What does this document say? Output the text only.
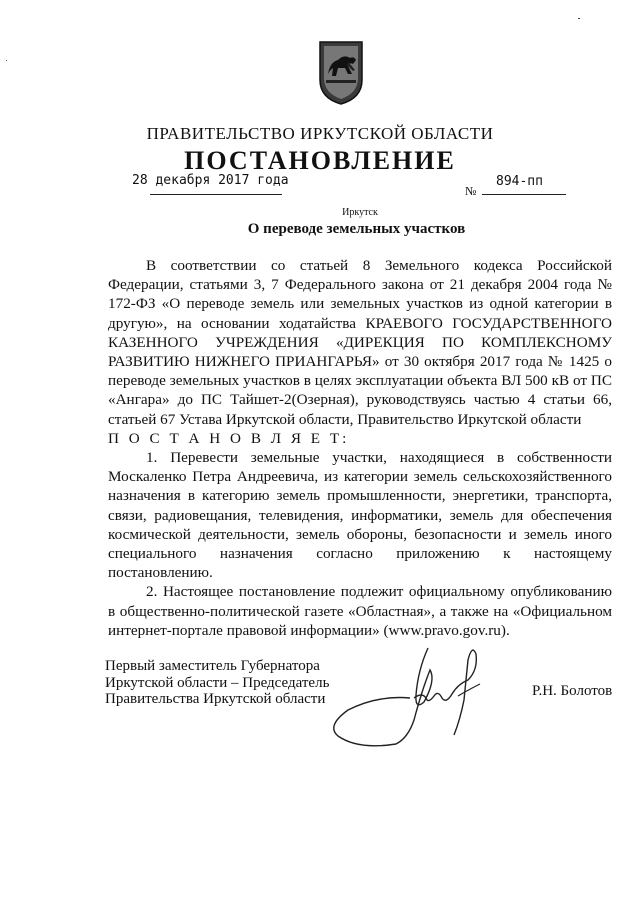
ПРАВИТЕЛЬСТВО ИРКУТСКОЙ ОБЛАСТИ
ПОСТАНОВЛЕНИЕ
28 декабря 2017 года
№
894-пп
Иркутск
О переводе земельных участков

В соответствии со статьей 8 Земельного кодекса Российской Федерации, статьями 3, 7 Федерального закона от 21 декабря 2004 года № 172-ФЗ «О переводе земель или земельных участков из одной категории в другую», на основании ходатайства КРАЕВОГО ГОСУДАРСТВЕННОГО КАЗЕННОГО УЧРЕЖДЕНИЯ «ДИРЕКЦИЯ ПО КОМПЛЕКСНОМУ РАЗВИТИЮ НИЖНЕГО ПРИАНГАРЬЯ» от 30 октября 2017 года № 1425 о переводе земельных участков в целях эксплуатации объекта ВЛ 500 кВ от ПС «Ангара» до ПС Тайшет-2(Озерная), руководствуясь частью 4 статьи 66, статьей 67 Устава Иркутской области, Правительство Иркутской области

П О С Т А Н О В Л Я Е Т:

1. Перевести земельные участки, находящиеся в собственности Москаленко Петра Андреевича, из категории земель сельскохозяйственного назначения в категорию земель промышленности, энергетики, транспорта, связи, радиовещания, телевидения, информатики, земель для обеспечения космической деятельности, земель обороны, безопасности и земель иного специального назначения согласно приложению к настоящему постановлению.

2. Настоящее постановление подлежит официальному опубликованию в общественно-политической газете «Областная», а также на «Официальном интернет-портале правовой информации» (www.pravo.gov.ru).

Первый заместитель Губернатора
Иркутской области – Председатель
Правительства Иркутской области	Р.Н. Болотов
